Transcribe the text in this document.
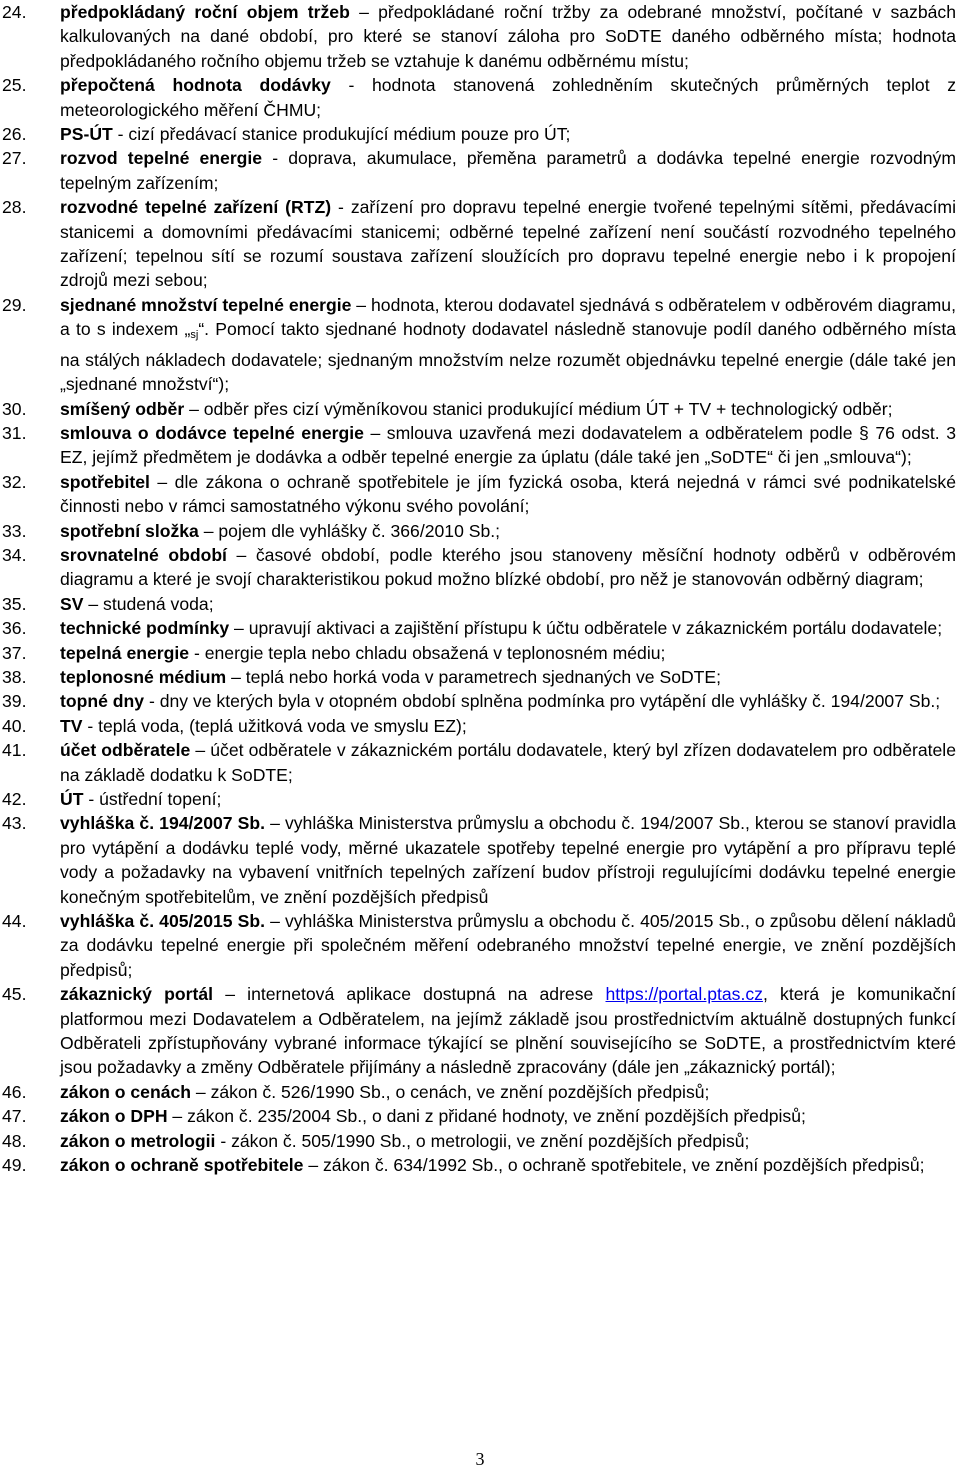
24. předpokládaný roční objem tržeb – předpokládané roční tržby za odebrané množství, počítané v sazbách kalkulovaných na dané období, pro které se stanoví záloha pro SoDTE daného odběrného místa; hodnota předpokládaného ročního objemu tržeb se vztahuje k danému odběrnému místu;
25. přepočtená hodnota dodávky - hodnota stanovená zohledněním skutečných průměrných teplot z meteorologického měření ČHMU;
26. PS-ÚT - cizí předávací stanice produkující médium pouze pro ÚT;
27. rozvod tepelné energie - doprava, akumulace, přeměna parametrů a dodávka tepelné energie rozvodným tepelným zařízením;
28. rozvodné tepelné zařízení (RTZ) - zařízení pro dopravu tepelné energie tvořené tepelnými sítěmi, předávacími stanicemi a domovními předávacími stanicemi; odběrné tepelné zařízení není součástí rozvodného tepelného zařízení; tepelnou sítí se rozumí soustava zařízení sloužících pro dopravu tepelné energie nebo i k propojení zdrojů mezi sebou;
29. sjednané množství tepelné energie – hodnota, kterou dodavatel sjednává s odběratelem v odběrovém diagramu, a to s indexem $„_{sj}“$. Pomocí takto sjednané hodnoty dodavatel následně stanovuje podíl daného odběrného místa na stálých nákladech dodavatele; sjednaným množstvím nelze rozumět objednávku tepelné energie (dále také jen „sjednané množství“);
30. smíšený odběr – odběr přes cizí výměníkovou stanici produkující médium ÚT + TV + technologický odběr;
31. smlouva o dodávce tepelné energie – smlouva uzavřená mezi dodavatelem a odběratelem podle § 76 odst. 3 EZ, jejímž předmětem je dodávka a odběr tepelné energie za úplatu (dále také jen „SoDTE“ či jen „smlouva“);
32. spotřebitel – dle zákona o ochraně spotřebitele je jím fyzická osoba, která nejedná v rámci své podnikatelské činnosti nebo v rámci samostatného výkonu svého povolání;
33. spotřební složka – pojem dle vyhlášky č. 366/2010 Sb.;
34. srovnatelné období – časové období, podle kterého jsou stanoveny měsíční hodnoty odběrů v odběrovém diagramu a které je svojí charakteristikou pokud možno blízké období, pro něž je stanovován odběrný diagram;
35. SV – studená voda;
36. technické podmínky – upravují aktivaci a zajištění přístupu k účtu odběratele v zákaznickém portálu dodavatele;
37. tepelná energie - energie tepla nebo chladu obsažená v teplonosném médiu;
38. teplonosné médium – teplá nebo horká voda v parametrech sjednaných ve SoDTE;
39. topné dny - dny ve kterých byla v otopném období splněna podmínka pro vytápění dle vyhlášky č. 194/2007 Sb.;
40. TV - teplá voda, (teplá užitková voda ve smyslu EZ);
41. účet odběratele – účet odběratele v zákaznickém portálu dodavatele, který byl zřízen dodavatelem pro odběratele na základě dodatku k SoDTE;
42. ÚT - ústřední topení;
43. vyhláška č. 194/2007 Sb. – vyhláška Ministerstva průmyslu a obchodu č. 194/2007 Sb., kterou se stanoví pravidla pro vytápění a dodávku teplé vody, měrné ukazatele spotřeby tepelné energie pro vytápění a pro přípravu teplé vody a požadavky na vybavení vnitřních tepelných zařízení budov přístroji regulujícími dodávku tepelné energie konečným spotřebitelům, ve znění pozdějších předpisů
44. vyhláška č. 405/2015 Sb. – vyhláška Ministerstva průmyslu a obchodu č. 405/2015 Sb., o způsobu dělení nákladů za dodávku tepelné energie při společném měření odebraného množství tepelné energie, ve znění pozdějších předpisů;
45. zákaznický portál – internetová aplikace dostupná na adrese https://portal.ptas.cz, která je komunikační platformou mezi Dodavatelem a Odběratelem, na jejímž základě jsou prostřednictvím aktuálně dostupných funkcí Odběrateli zpřístupňovány vybrané informace týkající se plnění souvisejícího se SoDTE, a prostřednictvím které jsou požadavky a změny Odběratele přijímány a následně zpracovány (dále jen „zákaznický portál);
46. zákon o cenách – zákon č. 526/1990 Sb., o cenách, ve znění pozdějších předpisů;
47. zákon o DPH – zákon č. 235/2004 Sb., o dani z přidané hodnoty, ve znění pozdějších předpisů;
48. zákon o metrologii - zákon č. 505/1990 Sb., o metrologii, ve znění pozdějších předpisů;
49. zákon o ochraně spotřebitele – zákon č. 634/1992 Sb., o ochraně spotřebitele, ve znění pozdějších předpisů;
3
